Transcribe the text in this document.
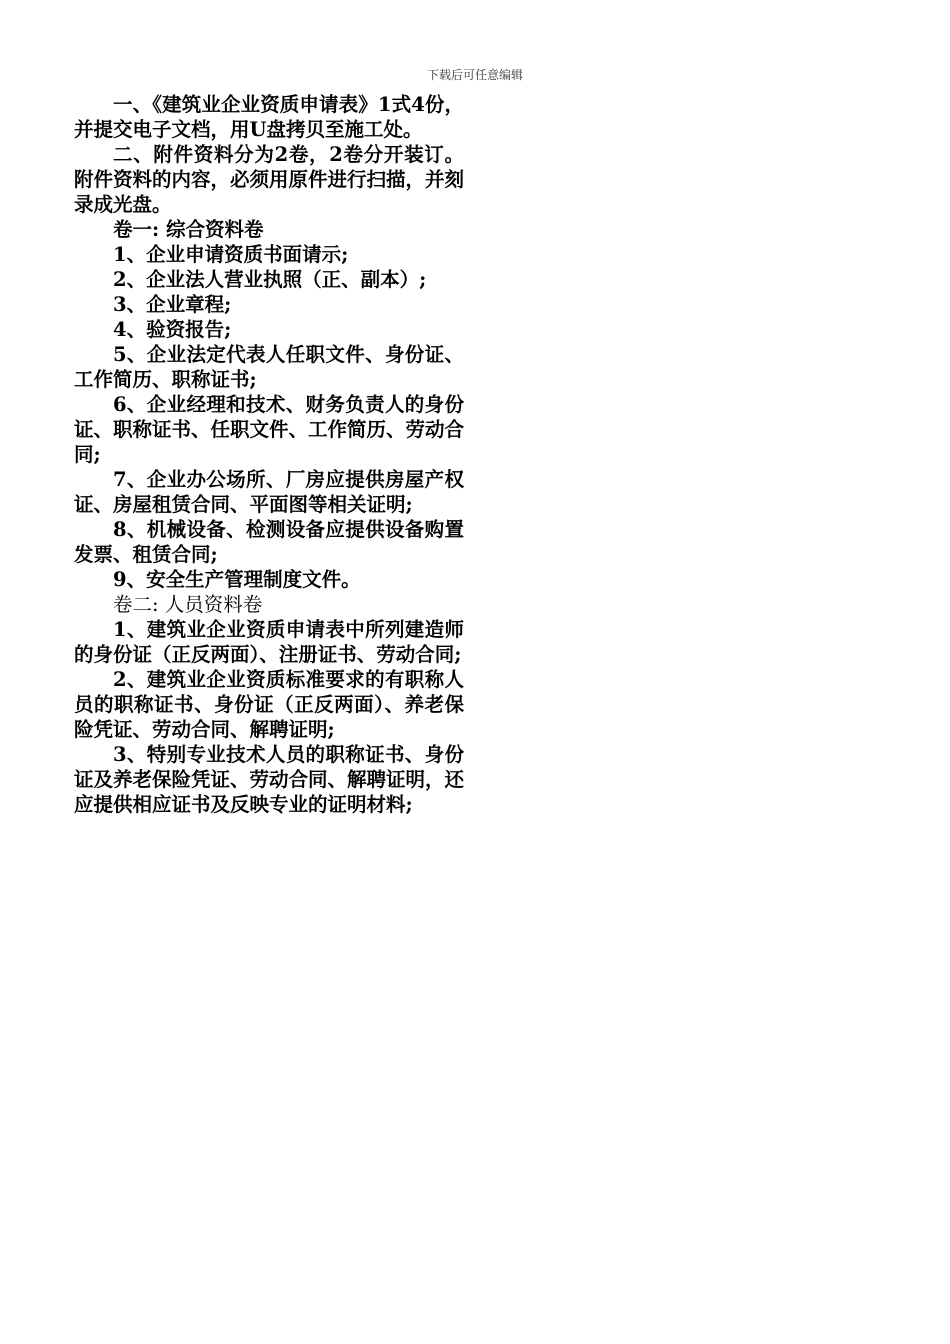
下载后可任意编辑

一、《建筑业企业资质申请表》1式4份，并提交电子文档，用U盘拷贝至施工处。

二、附件资料分为2卷，2卷分开装订。附件资料的内容，必须用原件进行扫描，并刻录成光盘。

卷一: 综合资料卷

1、企业申请资质书面请示;

2、企业法人营业执照（正、副本）;

3、企业章程;

4、验资报告;

5、企业法定代表人任职文件、身份证、工作简历、职称证书;

6、企业经理和技术、财务负责人的身份证、职称证书、任职文件、工作简历、劳动合同;

7、企业办公场所、厂房应提供房屋产权证、房屋租赁合同、平面图等相关证明;

8、机械设备、检测设备应提供设备购置发票、租赁合同;

9、安全生产管理制度文件。

卷二: 人员资料卷

1、建筑业企业资质申请表中所列建造师的身份证（正反两面）、注册证书、劳动合同;

2、建筑业企业资质标准要求的有职称人员的职称证书、身份证（正反两面）、养老保险凭证、劳动合同、解聘证明;

3、特别专业技术人员的职称证书、身份证及养老保险凭证、劳动合同、解聘证明，还应提供相应证书及反映专业的证明材料;
